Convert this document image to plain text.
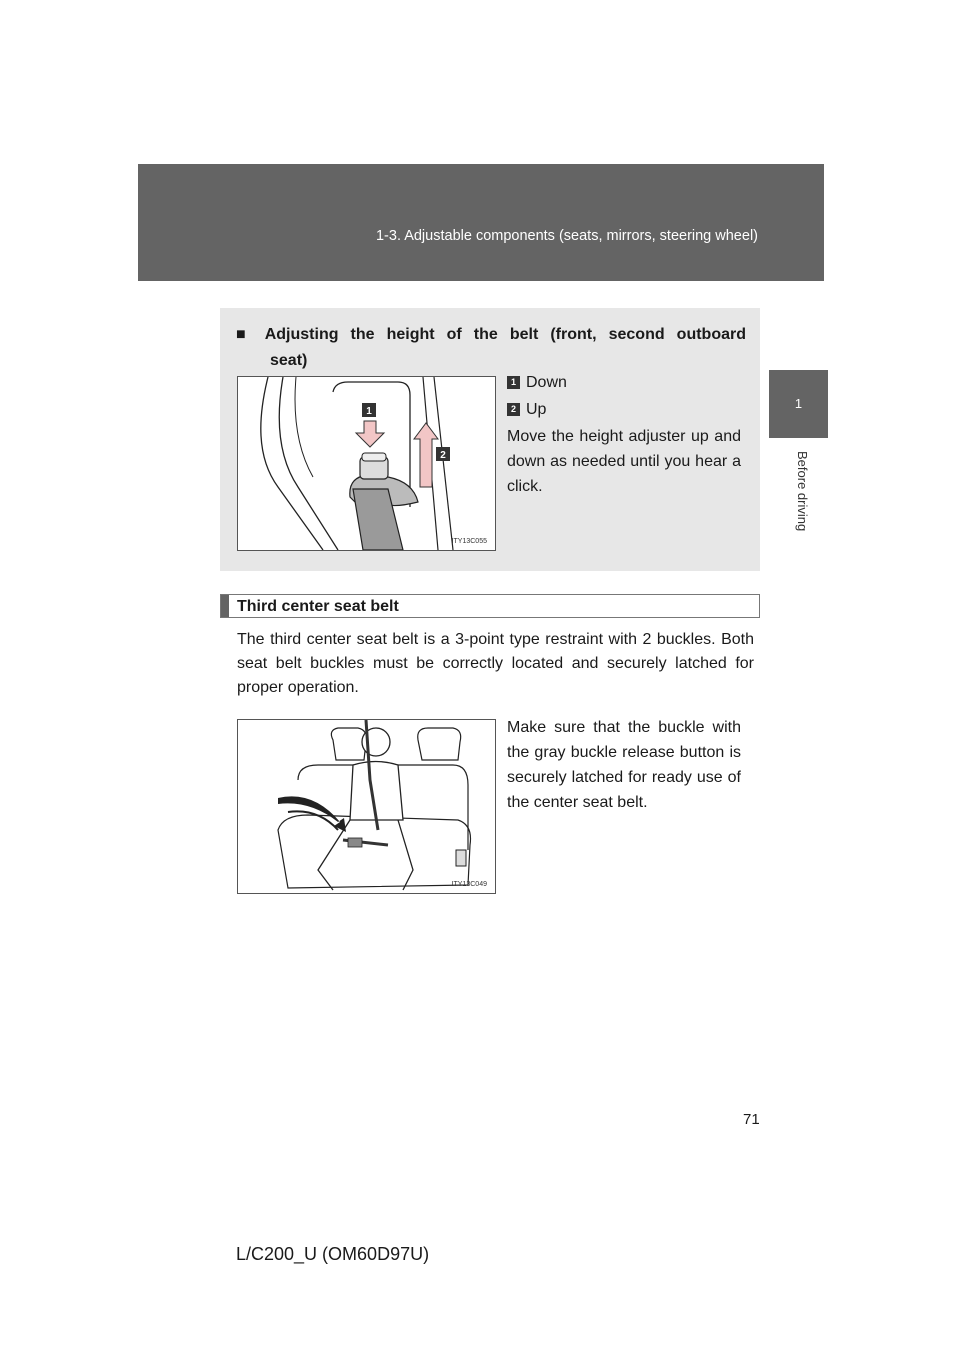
1-3. Adjustable components (seats, mirrors, steering wheel)
1
Before driving
■ Adjusting the height of the belt (front, second outboard
seat)
1
2
ITY13C055
1 Down
2 Up
Move the height adjuster up and down as needed until you hear a click.
Third center seat belt
The third center seat belt is a 3-point type restraint with 2 buckles. Both seat belt buckles must be correctly located and securely latched for proper operation.
ITY13C049
Make sure that the buckle with the gray buckle release button is securely latched for ready use of the center seat belt.
71
L/C200_U (OM60D97U)
